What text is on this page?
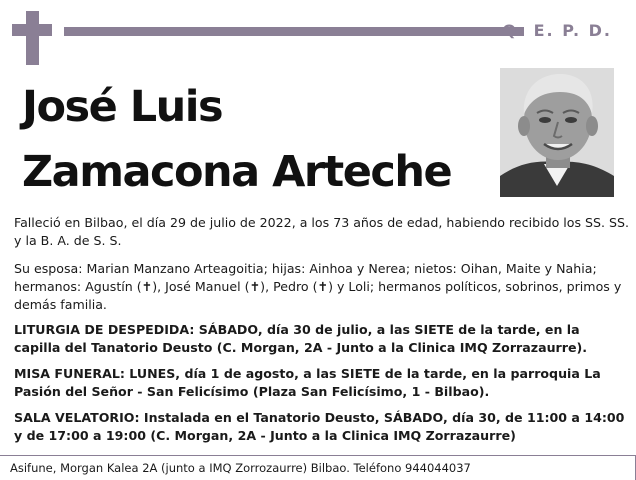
Q. E. P. D.
José Luis
Zamacona Arteche
Falleció en Bilbao, el día 29 de julio de 2022, a los 73 años de edad, habiendo recibido los SS. SS. y la B. A. de S. S.
Su esposa: Marian Manzano Arteagoitia; hijas: Ainhoa y Nerea; nietos: Oihan, Maite y Nahia; hermanos: Agustín (✝), José Manuel (✝), Pedro (✝) y Loli; hermanos políticos, sobrinos, primos y demás familia.
LITURGIA DE DESPEDIDA: SÁBADO, día 30 de julio, a las SIETE de la tarde, en la capilla del Tanatorio Deusto (C. Morgan, 2A - Junto a la Clinica IMQ Zorrazaurre).
MISA FUNERAL: LUNES, día 1 de agosto, a las SIETE de la tarde, en la parroquia La Pasión del Señor - San Felicísimo (Plaza San Felicísimo, 1 - Bilbao).
SALA VELATORIO: Instalada en el Tanatorio Deusto, SÁBADO, día 30, de 11:00 a 14:00 y de 17:00 a 19:00 (C. Morgan, 2A - Junto a la Clinica IMQ Zorrazaurre)
Asifune, Morgan Kalea 2A (junto a IMQ Zorrozaurre) Bilbao. Teléfono 944044037
